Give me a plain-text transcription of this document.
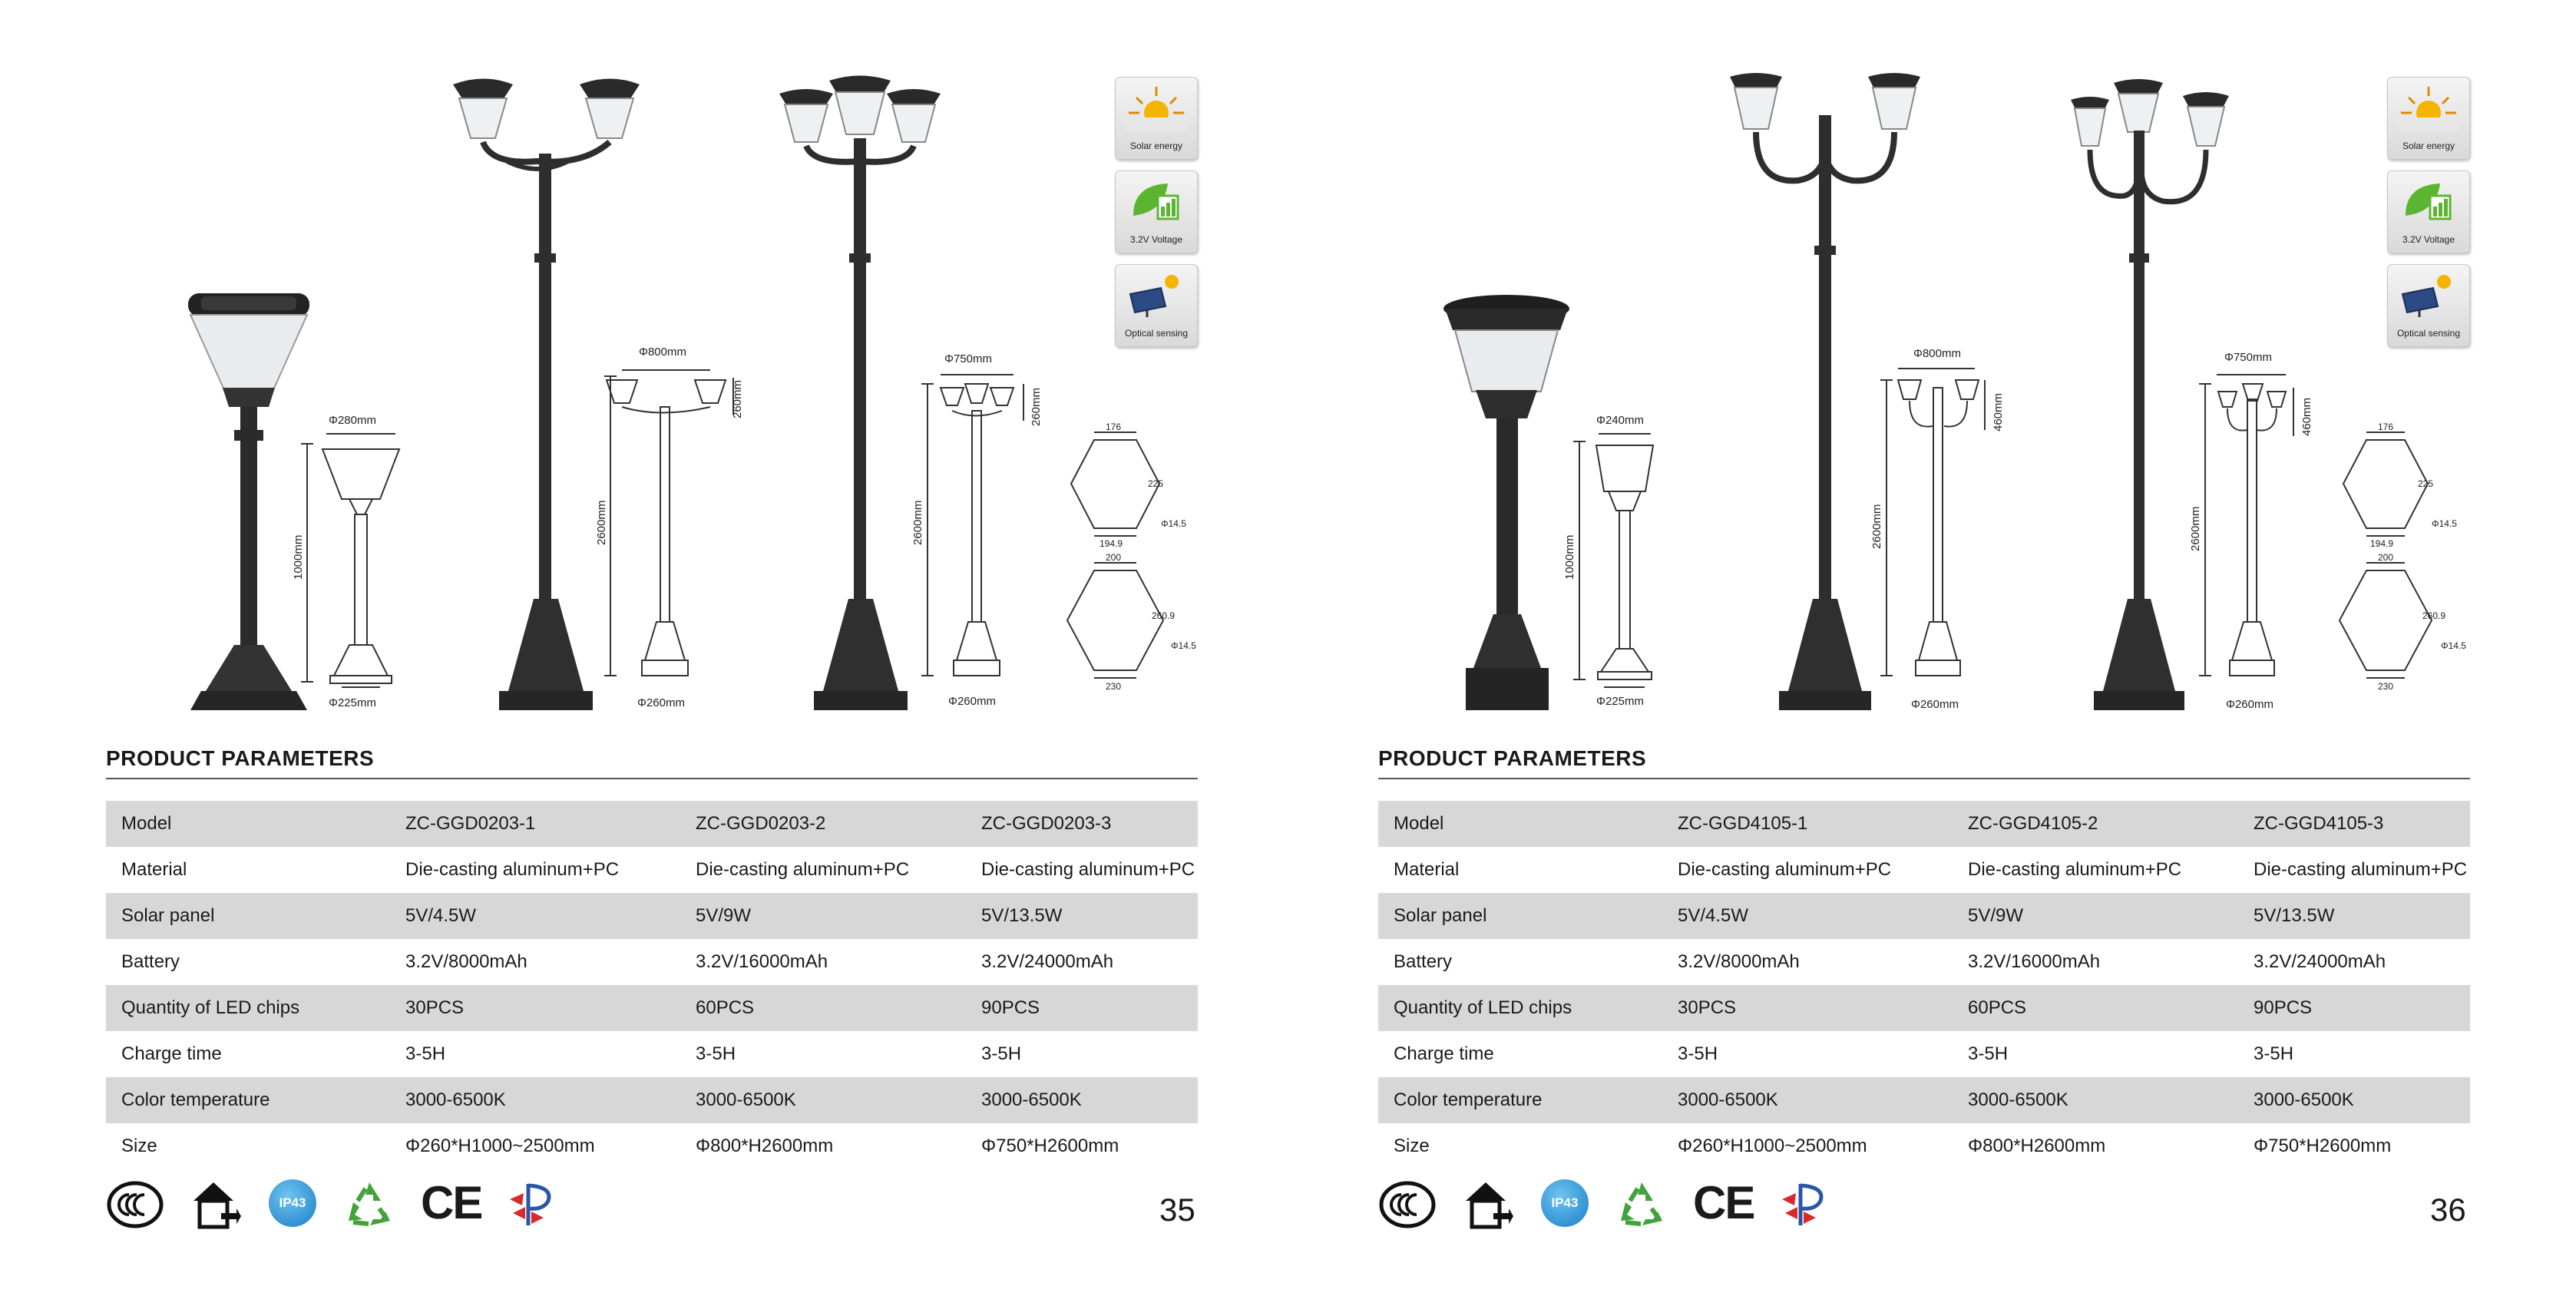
Φ280mm
1000mm
Φ225mm
Φ800mm
2600mm
260mm
Φ260mm
Φ750mm
2600mm
260mm
Φ260mm
176
225
Φ14.5
194.9
200
260.9
Φ14.5
230
Solar energy
3.2V Voltage
Optical sensing
PRODUCT PARAMETERS
Model	ZC-GGD0203-1	ZC-GGD0203-2	ZC-GGD0203-3
Material	Die-casting aluminum+PC	Die-casting aluminum+PC	Die-casting aluminum+PC
Solar panel	5V/4.5W	5V/9W	5V/13.5W
Battery	3.2V/8000mAh	3.2V/16000mAh	3.2V/24000mAh
Quantity of LED chips	30PCS	60PCS	90PCS
Charge time	3-5H	3-5H	3-5H
Color temperature	3000-6500K	3000-6500K	3000-6500K
Size	Φ260*H1000~2500mm	Φ800*H2600mm	Φ750*H2600mm
IP43 CE	35
Φ240mm
1000mm
Φ225mm
Φ800mm
2600mm
460mm
Φ260mm
Φ750mm
2600mm
460mm
Φ260mm
176
225
Φ14.5
194.9
200
260.9
Φ14.5
230
Solar energy
3.2V Voltage
Optical sensing
PRODUCT PARAMETERS
Model	ZC-GGD4105-1	ZC-GGD4105-2	ZC-GGD4105-3
Material	Die-casting aluminum+PC	Die-casting aluminum+PC	Die-casting aluminum+PC
Solar panel	5V/4.5W	5V/9W	5V/13.5W
Battery	3.2V/8000mAh	3.2V/16000mAh	3.2V/24000mAh
Quantity of LED chips	30PCS	60PCS	90PCS
Charge time	3-5H	3-5H	3-5H
Color temperature	3000-6500K	3000-6500K	3000-6500K
Size	Φ260*H1000~2500mm	Φ800*H2600mm	Φ750*H2600mm
IP43 CE	36
